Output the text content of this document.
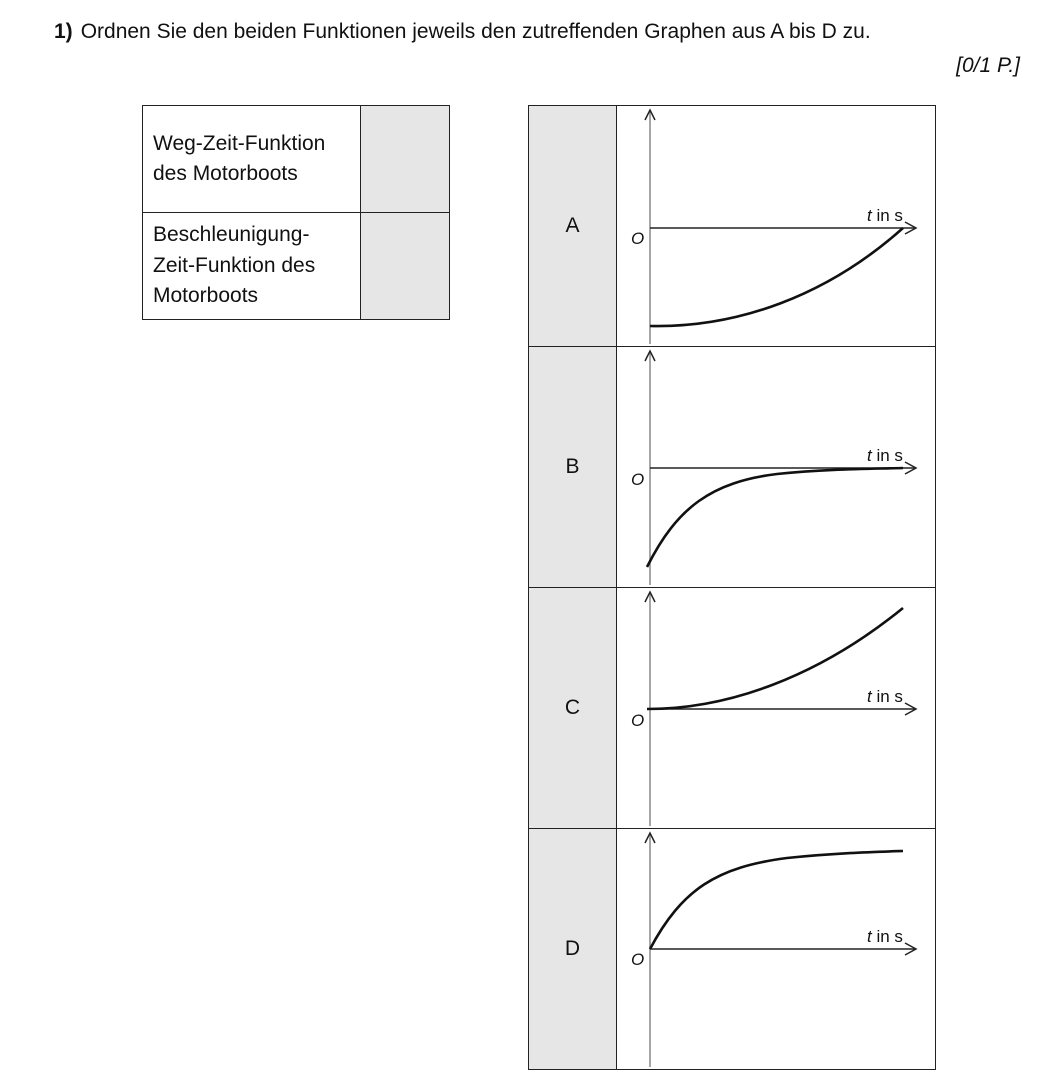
1) Ordnen Sie den beiden Funktionen jeweils den zutreffenden Graphen aus A bis D zu.
[0/1 P.]
Weg-Zeit-Funktion
des Motorboots	

Beschleunigung-
Zeit-Funktion des
Motorboots	

A	t in s
O

B	t in s
O

C	t in s
O

D	t in s
O
